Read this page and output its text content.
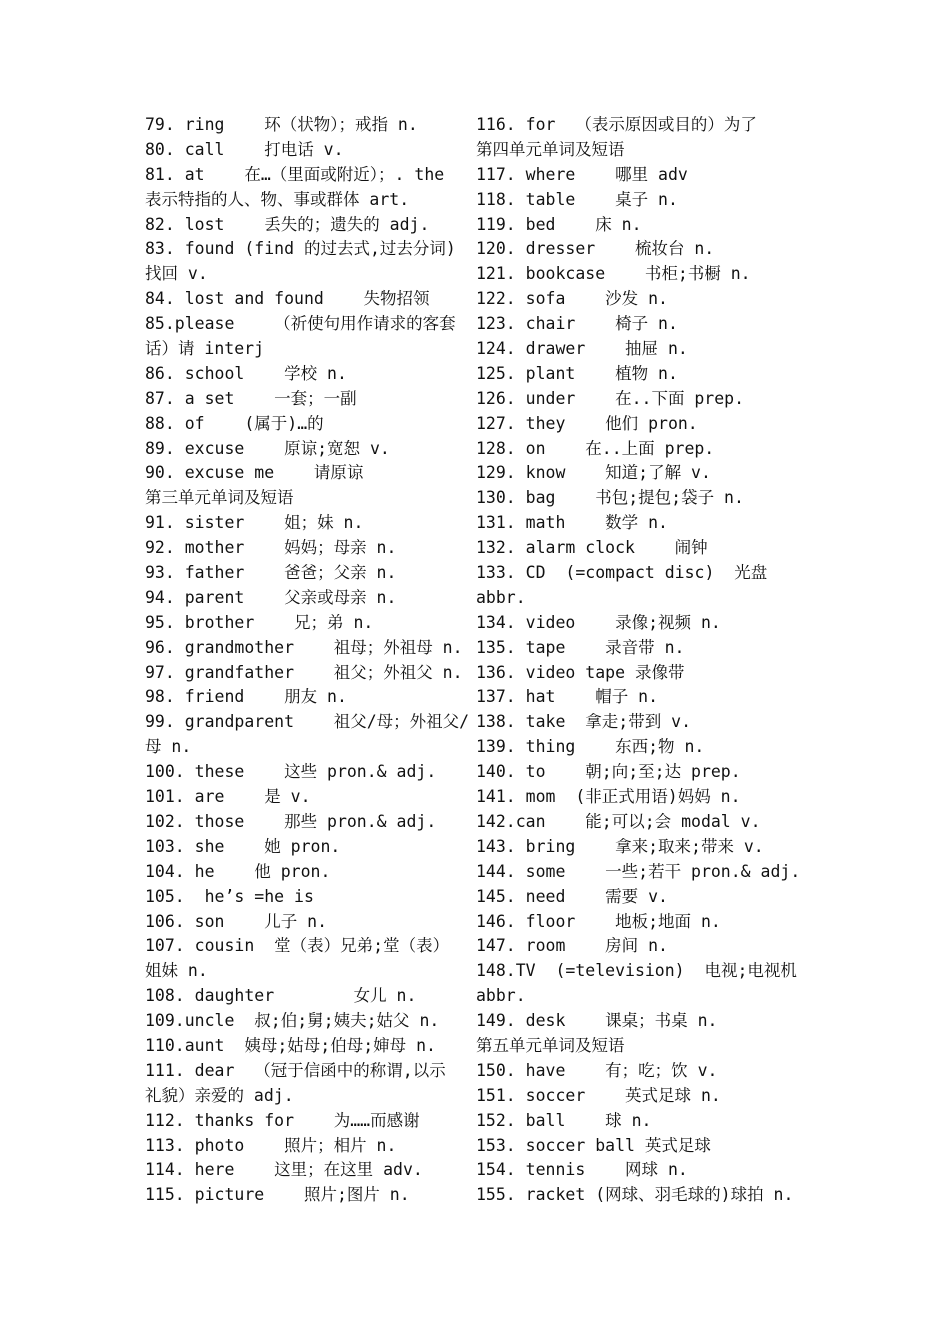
79. ring    环（状物）；戒指 n.
80. call    打电话 v.
81. at    在…（里面或附近）；. the
表示特指的人、物、事或群体 art.
82. lost    丢失的；遗失的 adj.
83. found (find 的过去式,过去分词)
找回 v.
84. lost and found    失物招领
85.please    （祈使句用作请求的客套
话）请 interj
86. school    学校 n.
87. a set    一套；一副
88. of    (属于)…的
89. excuse    原谅;宽恕 v.
90. excuse me    请原谅
第三单元单词及短语
91. sister    姐；妹 n.
92. mother    妈妈；母亲 n.
93. father    爸爸；父亲 n.
94. parent    父亲或母亲 n.
95. brother    兄；弟 n.
96. grandmother    祖母；外祖母 n.
97. grandfather    祖父；外祖父 n.
98. friend    朋友 n.
99. grandparent    祖父/母；外祖父/
母 n.
100. these    这些 pron.& adj.
101. are    是 v.
102. those    那些 pron.& adj.
103. she    她 pron.
104. he    他 pron.
105.  he’s =he is
106. son    儿子 n.
107. cousin  堂（表）兄弟;堂（表）
姐妹 n.
108. daughter        女儿 n.
109.uncle  叔;伯;舅;姨夫;姑父 n.
110.aunt  姨母;姑母;伯母;婶母 n.
111. dear  （冠于信函中的称谓,以示
礼貌）亲爱的 adj.
112. thanks for    为……而感谢
113. photo    照片；相片 n.
114. here    这里；在这里 adv.
115. picture    照片;图片 n.
116. for  （表示原因或目的）为了
第四单元单词及短语
117. where    哪里 adv
118. table    桌子 n.
119. bed    床 n.
120. dresser    梳妆台 n.
121. bookcase    书柜;书橱 n.
122. sofa    沙发 n.
123. chair    椅子 n.
124. drawer    抽屉 n.
125. plant    植物 n.
126. under    在..下面 prep.
127. they    他们 pron.
128. on    在..上面 prep.
129. know    知道;了解 v.
130. bag    书包;提包;袋子 n.
131. math    数学 n.
132. alarm clock    闹钟
133. CD  (=compact disc)  光盘
abbr.
134. video    录像;视频 n.
135. tape    录音带 n.
136. video tape 录像带
137. hat    帽子 n.
138. take  拿走;带到 v.
139. thing    东西;物 n.
140. to    朝;向;至;达 prep.
141. mom  (非正式用语)妈妈 n.
142.can    能;可以;会 modal v.
143. bring    拿来;取来;带来 v.
144. some    一些;若干 pron.& adj.
145. need    需要 v.
146. floor    地板;地面 n.
147. room    房间 n.
148.TV  (=television)  电视;电视机
abbr.
149. desk    课桌；书桌 n.
第五单元单词及短语
150. have    有；吃；饮 v.
151. soccer    英式足球 n.
152. ball    球 n.
153. soccer ball 英式足球
154. tennis    网球 n.
155. racket (网球、羽毛球的)球拍 n.
